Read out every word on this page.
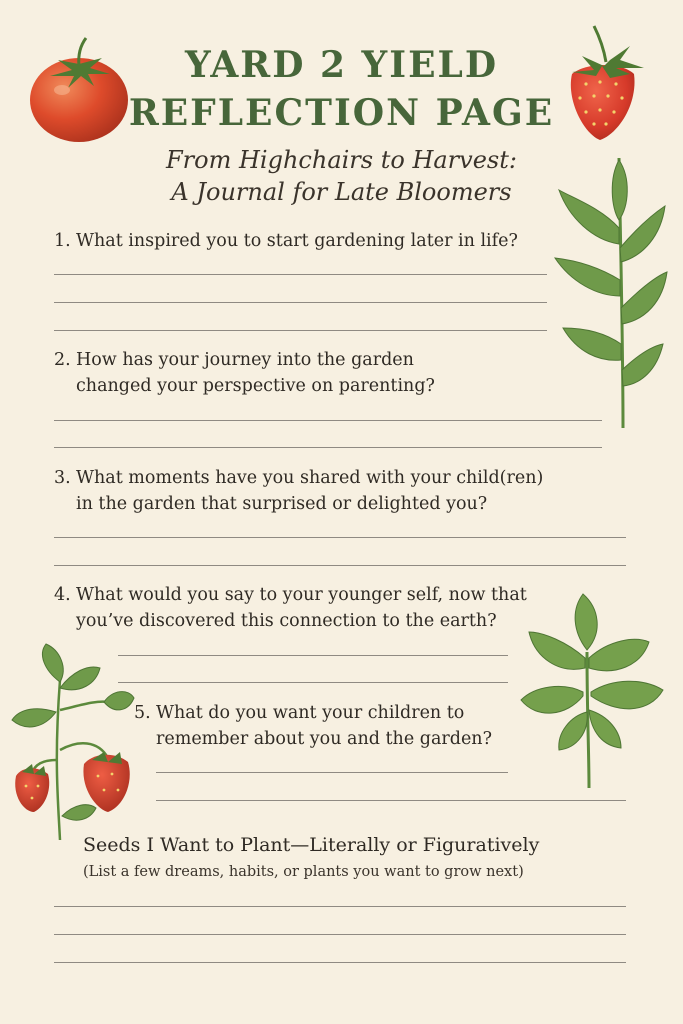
YARD 2 YIELD
REFLECTION PAGE

From Highchairs to Harvest:

A Journal for Late Bloomers

1. What inspired you to start gardening later in life?
2. How has your journey into the garden
changed your perspective on parenting?
3. What moments have you shared with your child(ren)
in the garden that surprised or delighted you?
4. What would you say to your younger self, now that
you’ve discovered this connection to the earth?
5. What do you want your children to
remember about you and the garden?
Seeds I Want to Plant—Literally or Figuratively
(List a few dreams, habits, or plants you want to grow next)
